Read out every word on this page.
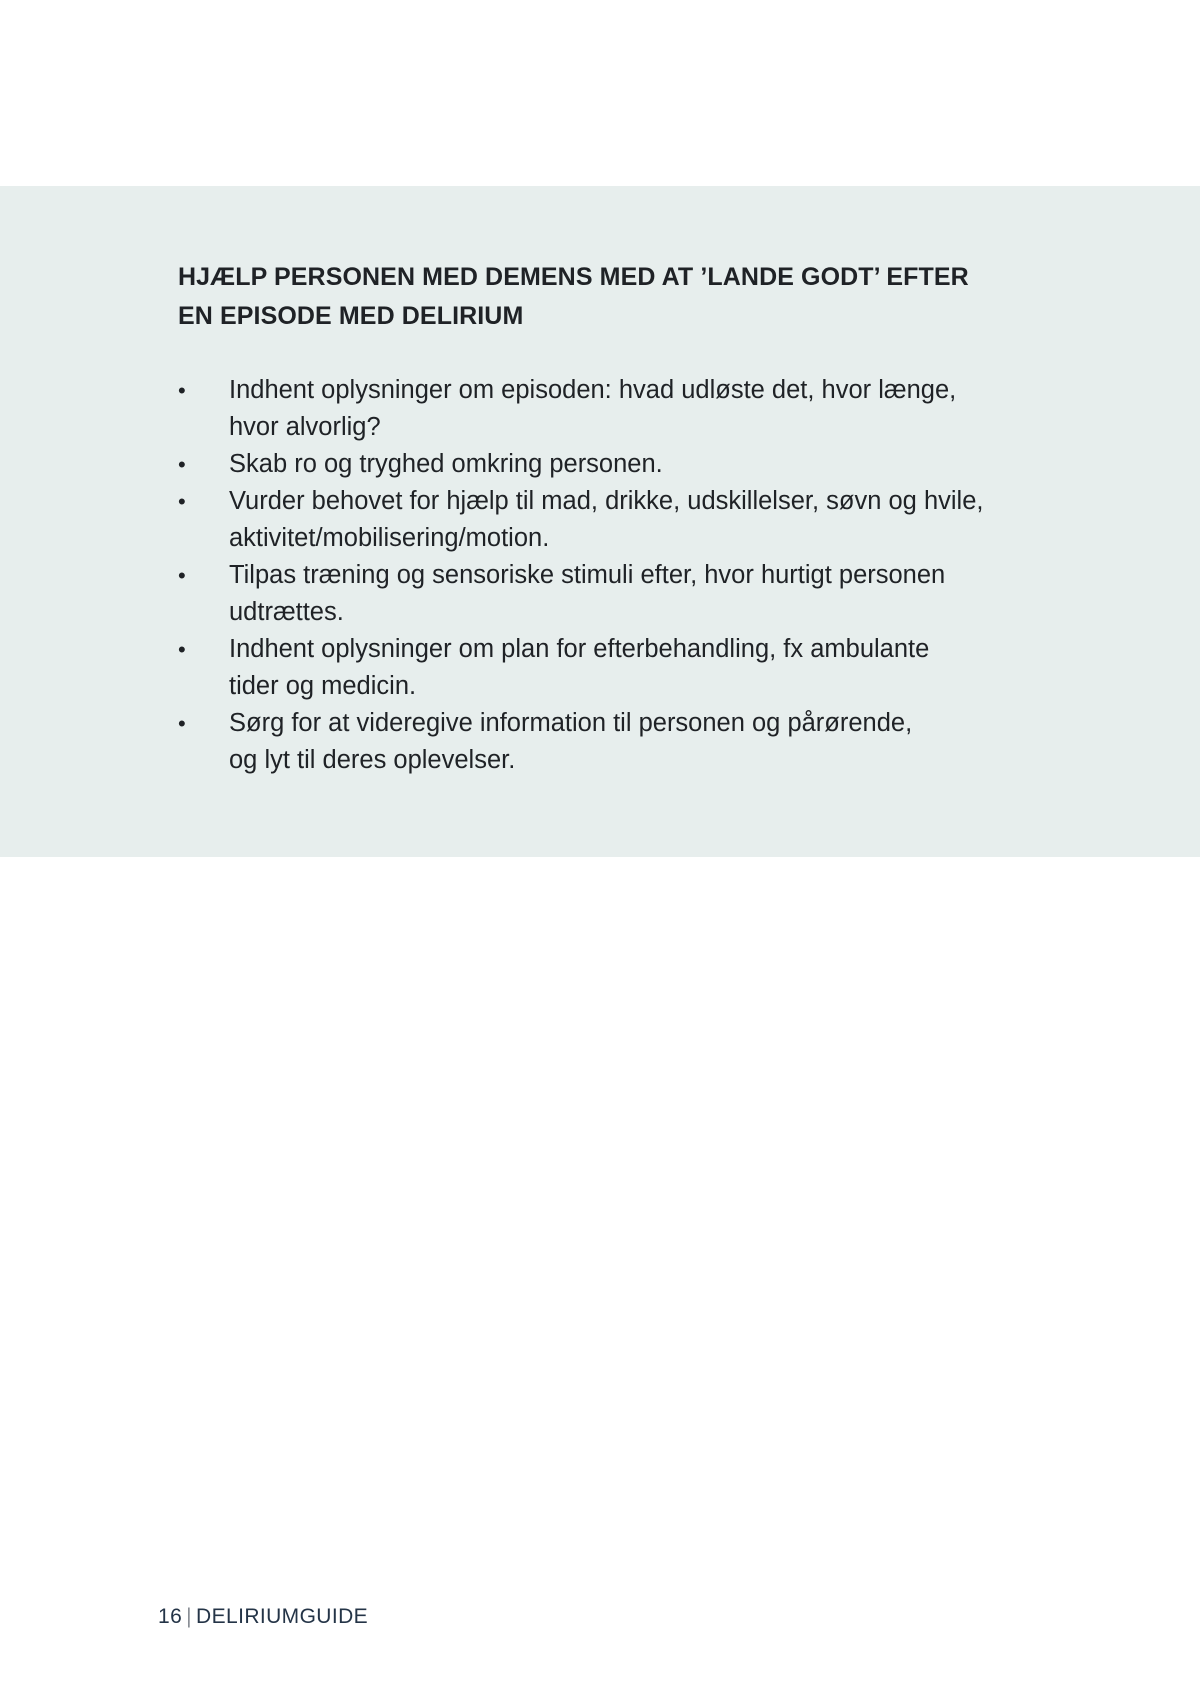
HJÆLP PERSONEN MED DEMENS MED AT ’LANDE GODT’ EFTER
EN EPISODE MED DELIRIUM
•	Indhent oplysninger om episoden: hvad udløste det, hvor længe,
hvor alvorlig?
•	Skab ro og tryghed omkring personen.
•	Vurder behovet for hjælp til mad, drikke, udskillelser, søvn og hvile,
aktivitet/mobilisering/motion.
•	Tilpas træning og sensoriske stimuli efter, hvor hurtigt personen
udtrættes.
•	Indhent oplysninger om plan for efterbehandling, fx ambulante
tider og medicin.
•	Sørg for at videregive information til personen og pårørende,
og lyt til deres oplevelser.
16 | DELIRIUMGUIDE
